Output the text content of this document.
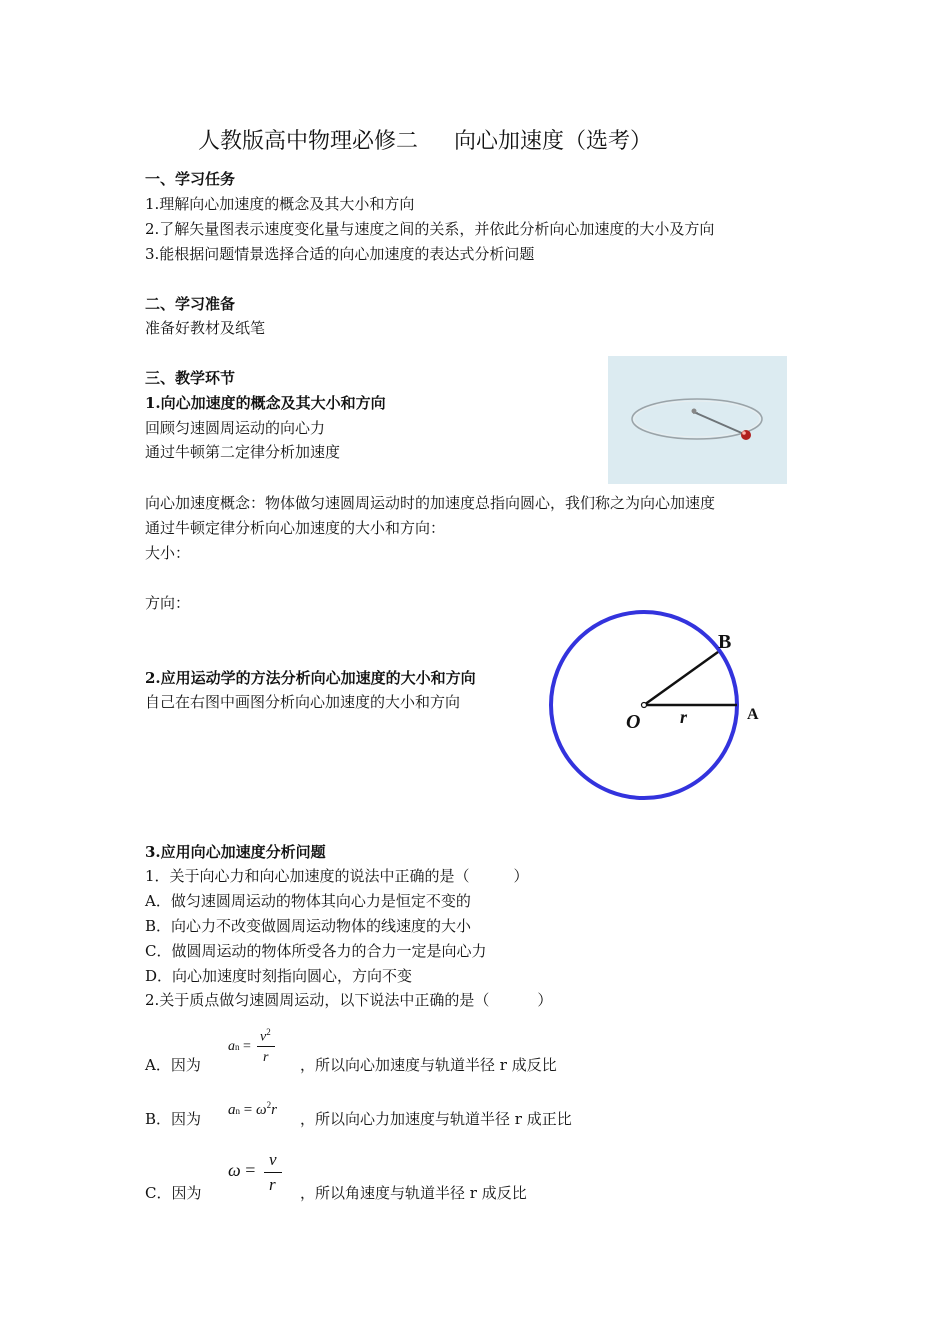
人教版高中物理必修二 向心加速度（选考）
一、学习任务
1.理解向心加速度的概念及其大小和方向
2.了解矢量图表示速度变化量与速度之间的关系，并依此分析向心加速度的大小及方向
3.能根据问题情景选择合适的向心加速度的表达式分析问题
二、学习准备
准备好教材及纸笔
三、教学环节
1.向心加速度的概念及其大小和方向
回顾匀速圆周运动的向心力
通过牛顿第二定律分析加速度
向心加速度概念：物体做匀速圆周运动时的加速度总指向圆心，我们称之为向心加速度
通过牛顿定律分析向心加速度的大小和方向：
大小：
方向：
2.应用运动学的方法分析向心加速度的大小和方向
自己在右图中画图分析向心加速度的大小和方向
B
A
O r
3.应用向心加速度分析问题
1．关于向心力和向心加速度的说法中正确的是（	）
A．做匀速圆周运动的物体其向心力是恒定不变的
B．向心力不改变做圆周运动物体的线速度的大小
C．做圆周运动的物体所受各力的合力一定是向心力
D．向心加速度时刻指向圆心，方向不变
2.关于质点做匀速圆周运动，以下说法中正确的是（	）
A．因为
an =
$v^2$
r ，所以向心加速度与轨道半径 r 成反比
B．因为 an = $\omega^2r$ ，所以向心力加速度与轨道半径 r 成正比
C．因为
ω =
v
r ，所以角速度与轨道半径 r 成反比
